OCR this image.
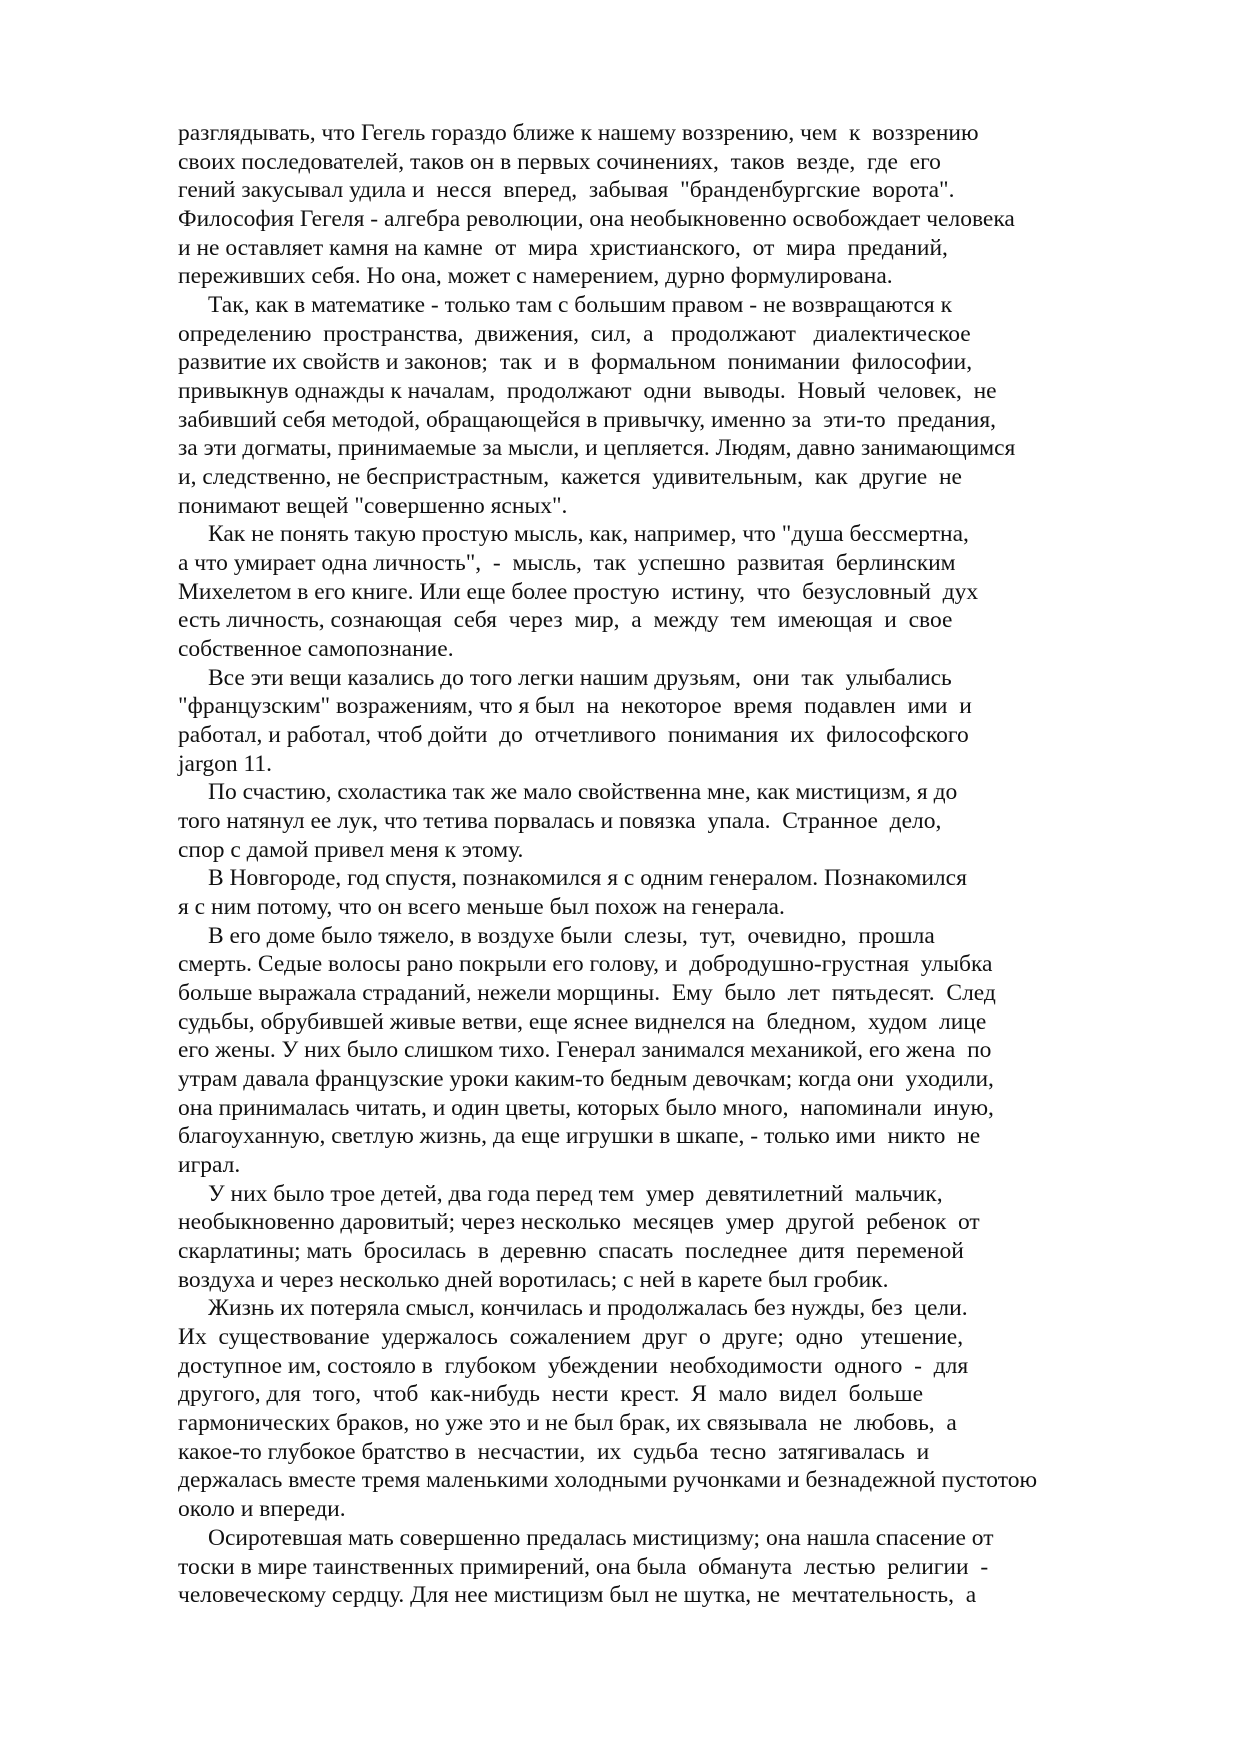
разглядывать, что Гегель гораздо ближе к нашему воззрению, чем  к  воззрению
своих последователей, таков он в первых сочинениях,  таков  везде,  где  его
гений закусывал удила и  несся  вперед,  забывая  "бранденбургские  ворота".
Философия Гегеля - алгебра революции, она необыкновенно освобождает человека
и не оставляет камня на камне  от  мира  христианского,  от  мира  преданий,
переживших себя. Но она, может с намерением, дурно формулирована.
Так, как в математике - только там с большим правом - не возвращаются к
определению  пространства,  движения,  сил,  а   продолжают   диалектическое
развитие их свойств и законов;  так  и  в  формальном  понимании  философии,
привыкнув однажды к началам,  продолжают  одни  выводы.  Новый  человек,  не
забивший себя методой, обращающейся в привычку, именно за  эти-то  предания,
за эти догматы, принимаемые за мысли, и цепляется. Людям, давно занимающимся
и, следственно, не беспристрастным,  кажется  удивительным,  как  другие  не
понимают вещей "совершенно ясных".
Как не понять такую простую мысль, как, например, что "душа бессмертна,
а что умирает одна личность",  -  мысль,  так  успешно  развитая  берлинским
Михелетом в его книге. Или еще более простую  истину,  что  безусловный  дух
есть личность, сознающая  себя  через  мир,  а  между  тем  имеющая  и  свое
собственное самопознание.
Все эти вещи казались до того легки нашим друзьям,  они  так  улыбались
"французским" возражениям, что я был  на  некоторое  время  подавлен  ими  и
работал, и работал, чтоб дойти  до  отчетливого  понимания  их  философского
jargon 11.
По счастию, схоластика так же мало свойственна мне, как мистицизм, я до
того натянул ее лук, что тетива порвалась и повязка  упала.  Странное  дело,
спор с дамой привел меня к этому.
В Новгороде, год спустя, познакомился я с одним генералом. Познакомился
я с ним потому, что он всего меньше был похож на генерала.
В его доме было тяжело, в воздухе были  слезы,  тут,  очевидно,  прошла
смерть. Седые волосы рано покрыли его голову, и  добродушно-грустная  улыбка
больше выражала страданий, нежели морщины.  Ему  было  лет  пятьдесят.  След
судьбы, обрубившей живые ветви, еще яснее виднелся на  бледном,  худом  лице
его жены. У них было слишком тихо. Генерал занимался механикой, его жена  по
утрам давала французские уроки каким-то бедным девочкам; когда они  уходили,
она принималась читать, и один цветы, которых было много,  напоминали  иную,
благоуханную, светлую жизнь, да еще игрушки в шкапе, - только ими  никто  не
играл.
У них было трое детей, два года перед тем  умер  девятилетний  мальчик,
необыкновенно даровитый; через несколько  месяцев  умер  другой  ребенок  от
скарлатины; мать  бросилась  в  деревню  спасать  последнее  дитя  переменой
воздуха и через несколько дней воротилась; с ней в карете был гробик.
Жизнь их потеряла смысл, кончилась и продолжалась без нужды, без  цели.
Их  существование  удержалось  сожалением  друг  о  друге;  одно   утешение,
доступное им, состояло в  глубоком  убеждении  необходимости  одного  -  для
другого, для  того,  чтоб  как-нибудь  нести  крест.  Я  мало  видел  больше
гармонических браков, но уже это и не был брак, их связывала  не  любовь,  а
какое-то глубокое братство в  несчастии,  их  судьба  тесно  затягивалась  и
держалась вместе тремя маленькими холодными ручонками и безнадежной пустотою
около и впереди.
Осиротевшая мать совершенно предалась мистицизму; она нашла спасение от
тоски в мире таинственных примирений, она была  обманута  лестью  религии  -
человеческому сердцу. Для нее мистицизм был не шутка, не  мечтательность,  а
